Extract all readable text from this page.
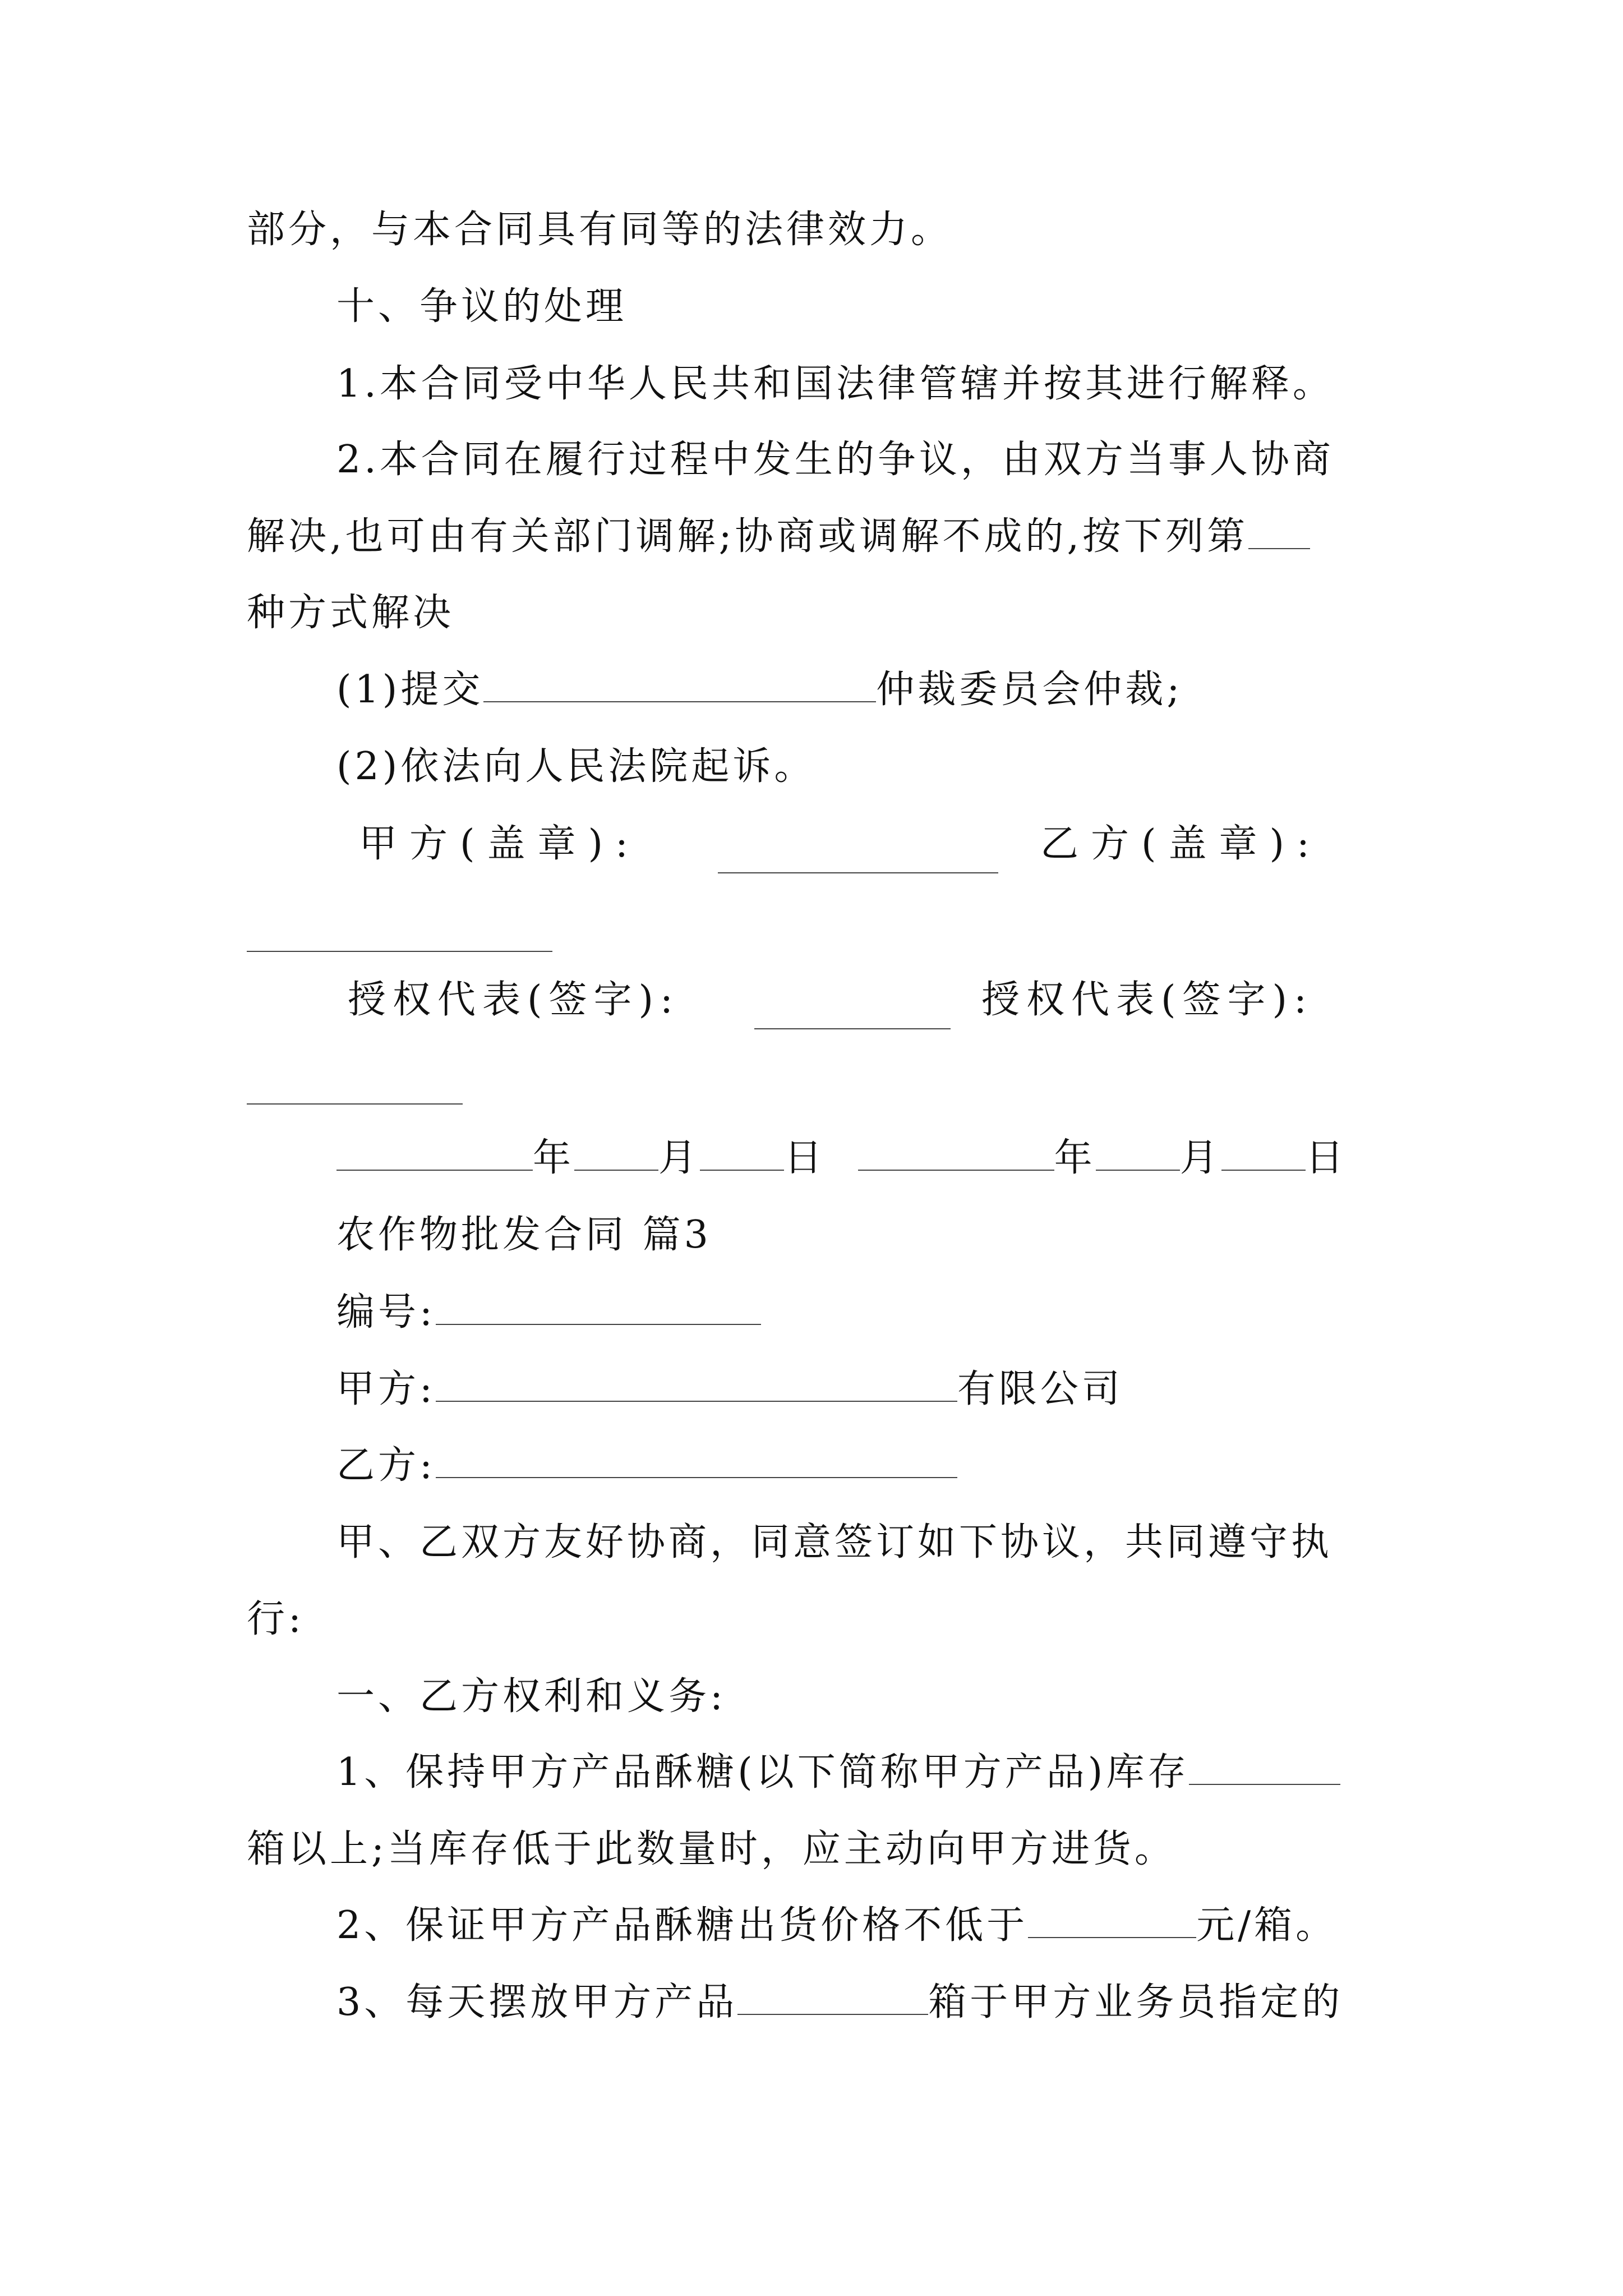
部分，与本合同具有同等的法律效力。
十、争议的处理
1.本合同受中华人民共和国法律管辖并按其进行解释。
2.本合同在履行过程中发生的争议，由双方当事人协商
解决,也可由有关部门调解;协商或调解不成的,按下列第
种方式解决
(1)提交	仲裁委员会仲裁;
(2)依法向人民法院起诉。
甲方(盖章):	乙方(盖章):
授权代表(签字):	授权代表(签字):
年 月 日	年 月 日
农作物批发合同 篇3
编号:
甲方:	有限公司
乙方:
甲、乙双方友好协商，同意签订如下协议，共同遵守执
行:
一、乙方权利和义务:
1、保持甲方产品酥糖(以下简称甲方产品)库存
箱以上;当库存低于此数量时，应主动向甲方进货。
2、保证甲方产品酥糖出货价格不低于	元/箱。
3、每天摆放甲方产品	箱于甲方业务员指定的
